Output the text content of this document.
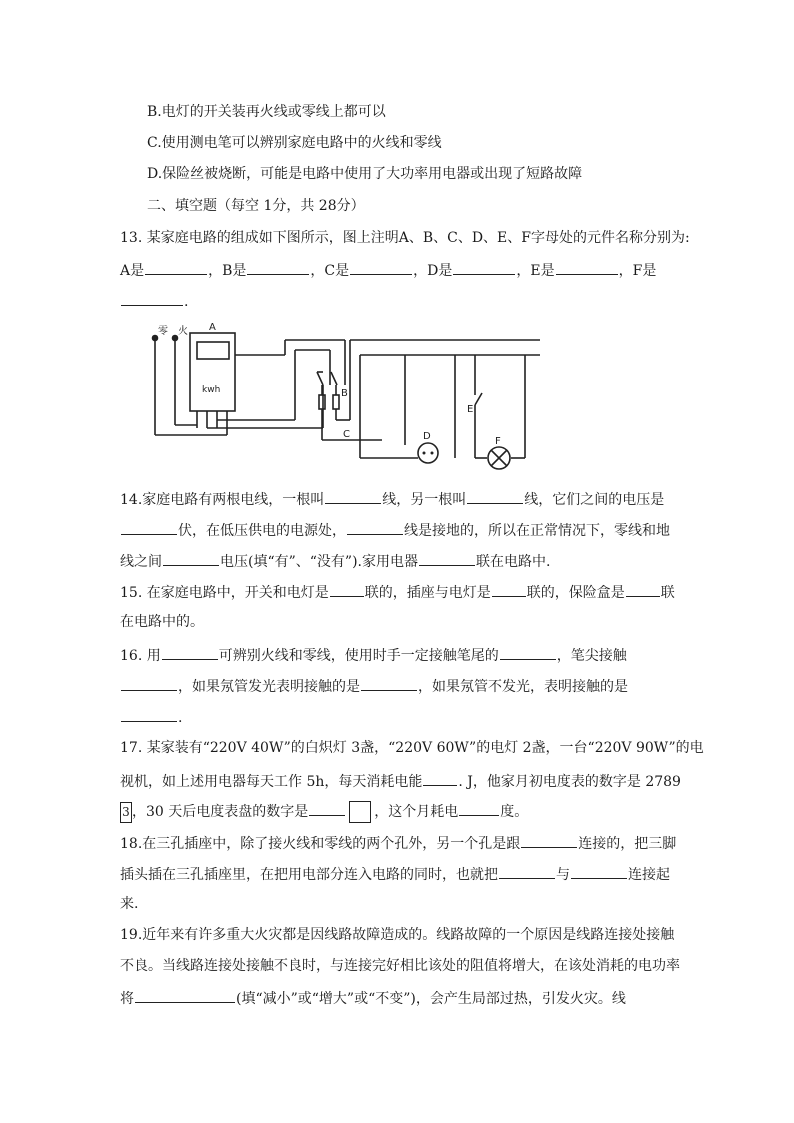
B.电灯的开关装再火线或零线上都可以
C.使用测电笔可以辨别家庭电路中的火线和零线
D.保险丝被烧断，可能是电路中使用了大功率用电器或出现了短路故障
二、填空题（每空 1分，共 28分）
13. 某家庭电路的组成如下图所示，图上注明A、B、C、D、E、F字母处的元件名称分别为:
A是	，B是	，C是	，D是	，E是	，F是
.
零 火 A
kwh	B
C	D
E
F
14.家庭电路有两根电线，一根叫	线，另一根叫	线，它们之间的电压是
伏，在低压供电的电源处，	线是接地的，所以在正常情况下，零线和地
线之间	电压(填“有”、“没有”).家用电器	联在电路中.
15. 在家庭电路中，开关和电灯是	联的，插座与电灯是	联的，保险盒是	联
在电路中的。
16. 用	可辨别火线和零线，使用时手一定接触笔尾的	，笔尖接触
，如果氖管发光表明接触的是	，如果氖管不发光，表明接触的是
.
17. 某家装有“220V 40W”的白炽灯 3盏，“220V 60W”的电灯 2盏，一台“220V 90W”的电
视机，如上述用电器每天工作 5h，每天消耗电能	. J，他家月初电度表的数字是 2789
3 ，30 天后电度表盘的数字是	，这个月耗电	度。
18.在三孔插座中，除了接火线和零线的两个孔外，另一个孔是跟	连接的，把三脚
插头插在三孔插座里，在把用电部分连入电路的同时，也就把	与	连接起
来.
19.近年来有许多重大火灾都是因线路故障造成的。线路故障的一个原因是线路连接处接触
不良。当线路连接处接触不良时，与连接完好相比该处的阻值将增大，在该处消耗的电功率
将	(填“减小”或“增大”或“不变”)，会产生局部过热，引发火灾。线
